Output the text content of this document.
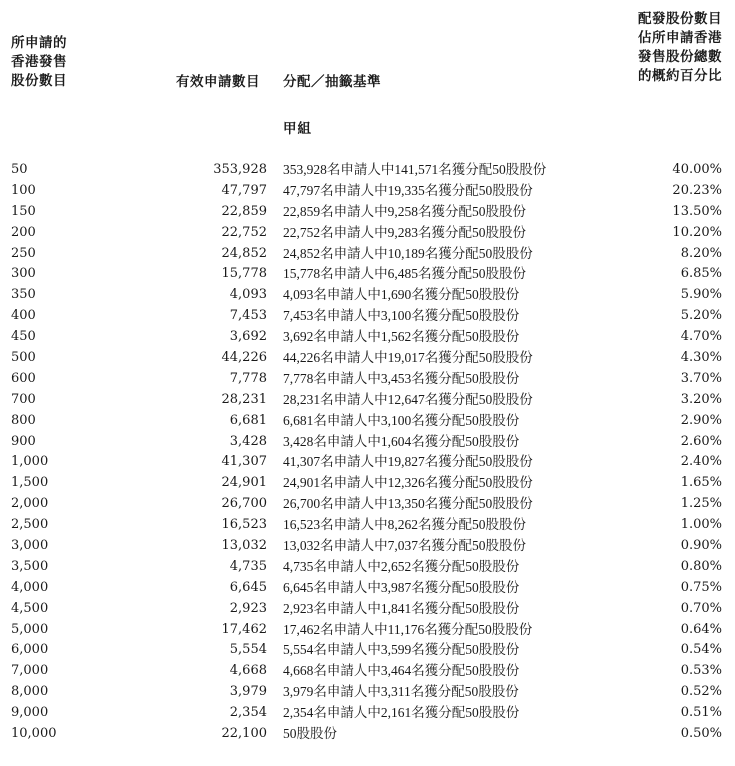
所申請的
香港發售
股份數目	有效申請數目 分配／抽籤基準
配發股份數目
佔所申請香港
發售股份總數
的概約百分比
甲組
50	353,928 353,928名申請人中141,571名獲分配50股股份	40.00%
100	47,797 47,797名申請人中19,335名獲分配50股股份	20.23%
150	22,859 22,859名申請人中9,258名獲分配50股股份	13.50%
200	22,752 22,752名申請人中9,283名獲分配50股股份	10.20%
250	24,852 24,852名申請人中10,189名獲分配50股股份	8.20%
300	15,778 15,778名申請人中6,485名獲分配50股股份	6.85%
350	4,093 4,093名申請人中1,690名獲分配50股股份	5.90%
400	7,453 7,453名申請人中3,100名獲分配50股股份	5.20%
450	3,692 3,692名申請人中1,562名獲分配50股股份	4.70%
500	44,226 44,226名申請人中19,017名獲分配50股股份	4.30%
600	7,778 7,778名申請人中3,453名獲分配50股股份	3.70%
700	28,231 28,231名申請人中12,647名獲分配50股股份	3.20%
800	6,681 6,681名申請人中3,100名獲分配50股股份	2.90%
900	3,428 3,428名申請人中1,604名獲分配50股股份	2.60%
1,000	41,307 41,307名申請人中19,827名獲分配50股股份	2.40%
1,500	24,901 24,901名申請人中12,326名獲分配50股股份	1.65%
2,000	26,700 26,700名申請人中13,350名獲分配50股股份	1.25%
2,500	16,523 16,523名申請人中8,262名獲分配50股股份	1.00%
3,000	13,032 13,032名申請人中7,037名獲分配50股股份	0.90%
3,500	4,735 4,735名申請人中2,652名獲分配50股股份	0.80%
4,000	6,645 6,645名申請人中3,987名獲分配50股股份	0.75%
4,500	2,923 2,923名申請人中1,841名獲分配50股股份	0.70%
5,000	17,462 17,462名申請人中11,176名獲分配50股股份	0.64%
6,000	5,554 5,554名申請人中3,599名獲分配50股股份	0.54%
7,000	4,668 4,668名申請人中3,464名獲分配50股股份	0.53%
8,000	3,979 3,979名申請人中3,311名獲分配50股股份	0.52%
9,000	2,354 2,354名申請人中2,161名獲分配50股股份	0.51%
10,000	22,100 50股股份	0.50%
